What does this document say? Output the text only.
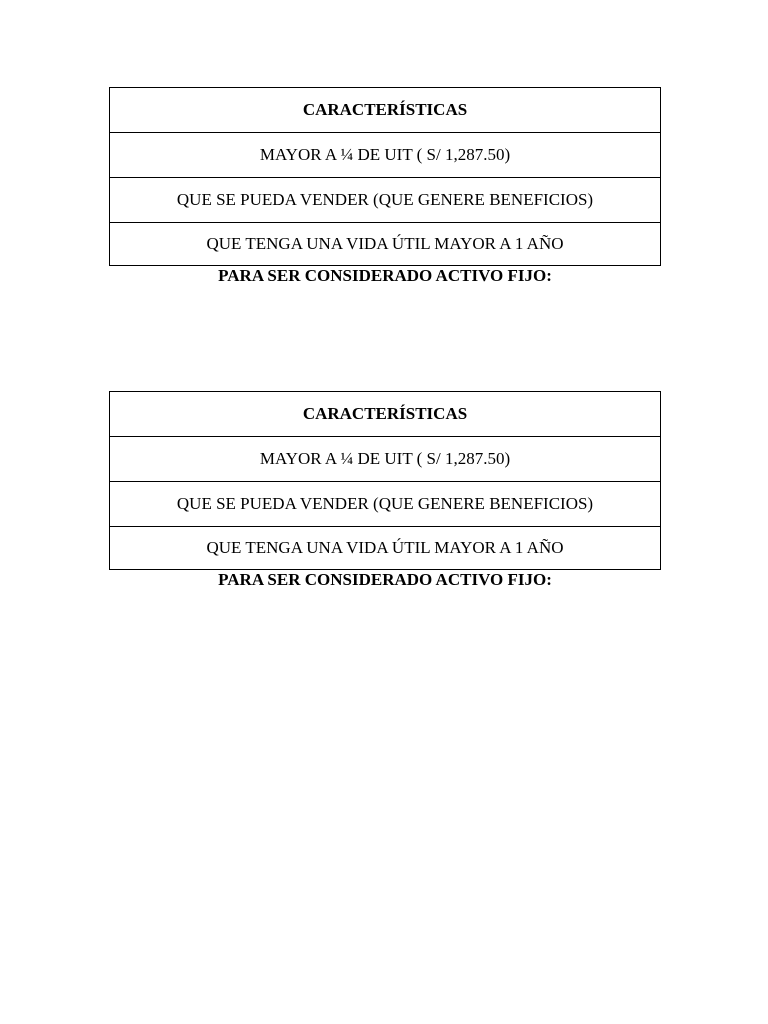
CARACTERÍSTICAS
MAYOR A ¼ DE UIT ( S/ 1,287.50)
QUE SE PUEDA VENDER (QUE GENERE BENEFICIOS)
QUE TENGA UNA VIDA ÚTIL MAYOR A 1 AÑO
PARA SER CONSIDERADO ACTIVO FIJO:
CARACTERÍSTICAS
MAYOR A ¼ DE UIT ( S/ 1,287.50)
QUE SE PUEDA VENDER (QUE GENERE BENEFICIOS)
QUE TENGA UNA VIDA ÚTIL MAYOR A 1 AÑO
PARA SER CONSIDERADO ACTIVO FIJO:
